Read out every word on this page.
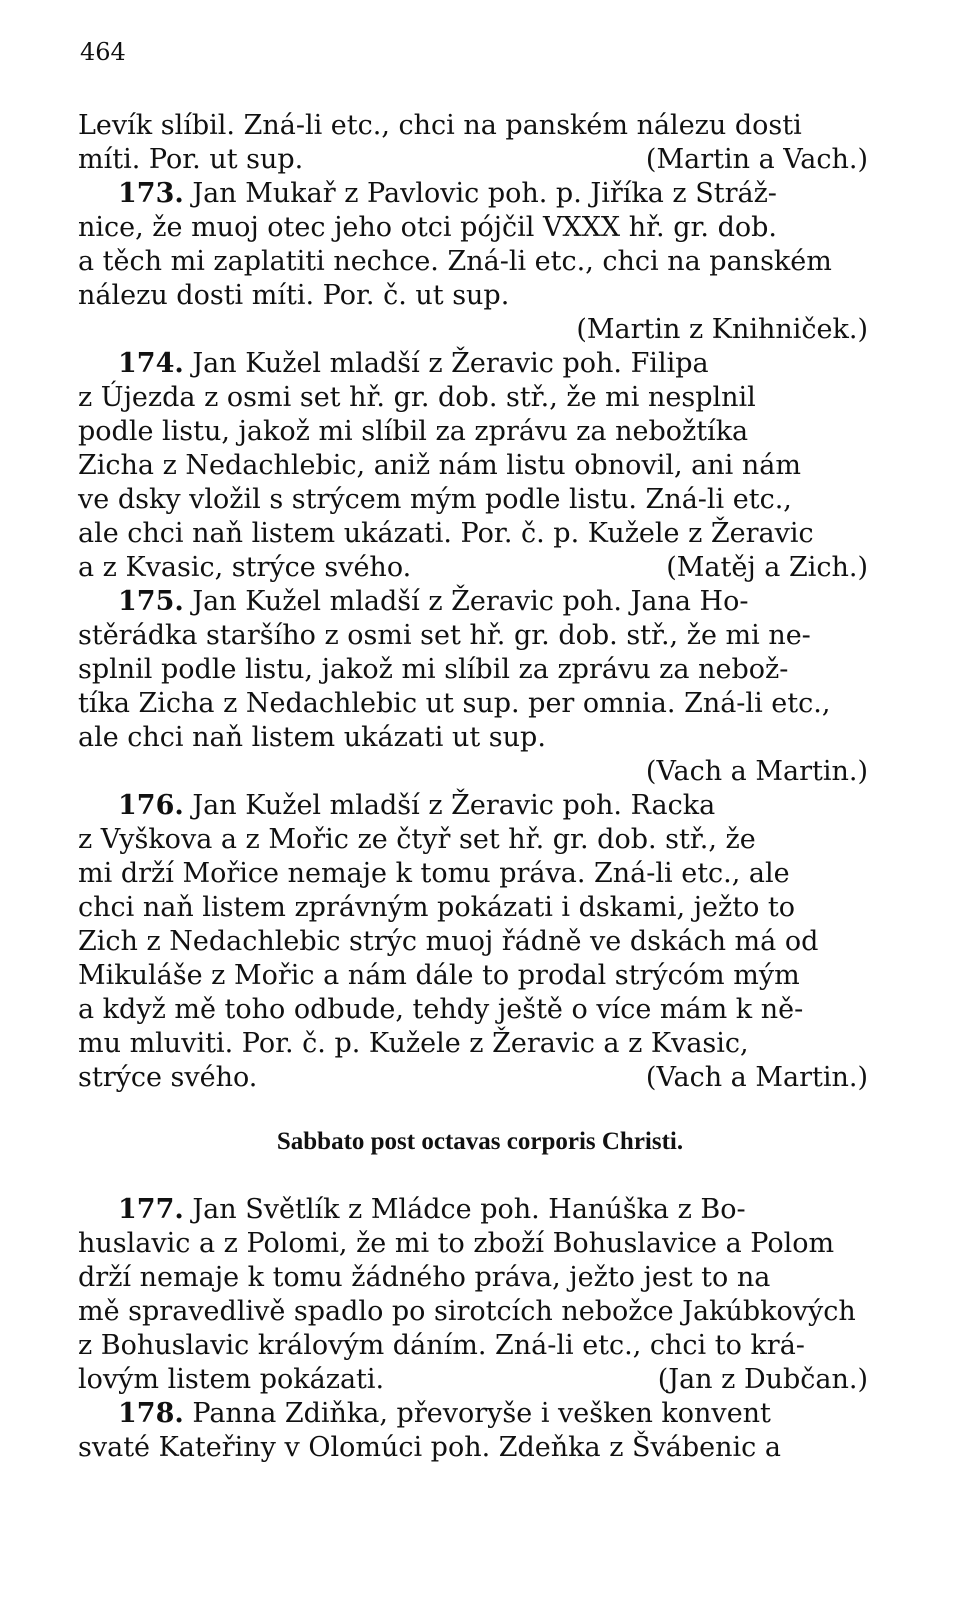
464
Levík slíbil. Zná-li etc., chci na panském nálezu dosti
míti. Por. ut sup.	(Martin a Vach.)
173. Jan Mukař z Pavlovic poh. p. Jiříka z Stráž-
nice, že muoj otec jeho otci pójčil VXXX hř. gr. dob.
a těch mi zaplatiti nechce. Zná-li etc., chci na panském
nálezu dosti míti. Por. č. ut sup.
(Martin z Knihniček.)
174. Jan Kužel mladší z Žeravic poh. Filipa
z Újezda z osmi set hř. gr. dob. stř., že mi nesplnil
podle listu, jakož mi slíbil za zprávu za nebožtíka
Zicha z Nedachlebic, aniž nám listu obnovil, ani nám
ve dsky vložil s strýcem mým podle listu. Zná-li etc.,
ale chci naň listem ukázati. Por. č. p. Kužele z Žeravic
a z Kvasic, strýce svého.	(Matěj a Zich.)
175. Jan Kužel mladší z Žeravic poh. Jana Ho-
stěrádka staršího z osmi set hř. gr. dob. stř., že mi ne-
splnil podle listu, jakož mi slíbil za zprávu za nebož-
tíka Zicha z Nedachlebic ut sup. per omnia. Zná-li etc.,
ale chci naň listem ukázati ut sup.
(Vach a Martin.)
176. Jan Kužel mladší z Žeravic poh. Racka
z Vyškova a z Mořic ze čtyř set hř. gr. dob. stř., že
mi drží Mořice nemaje k tomu práva. Zná-li etc., ale
chci naň listem zprávným pokázati i dskami, ježto to
Zich z Nedachlebic strýc muoj řádně ve dskách má od
Mikuláše z Mořic a nám dále to prodal strýcóm mým
a když mě toho odbude, tehdy ještě o více mám k ně-
mu mluviti. Por. č. p. Kužele z Žeravic a z Kvasic,
strýce svého.	(Vach a Martin.)
Sabbato post octavas corporis Christi.
177. Jan Světlík z Mládce poh. Hanúška z Bo-
huslavic a z Polomi, že mi to zboží Bohuslavice a Polom
drží nemaje k tomu žádného práva, ježto jest to na
mě spravedlivě spadlo po sirotcích nebožce Jakúbkových
z Bohuslavic královým dáním. Zná-li etc., chci to krá-
lovým listem pokázati.	(Jan z Dubčan.)
178. Panna Zdiňka, převoryše i vešken konvent
svaté Kateřiny v Olomúci poh. Zdeňka z Švábenic a
